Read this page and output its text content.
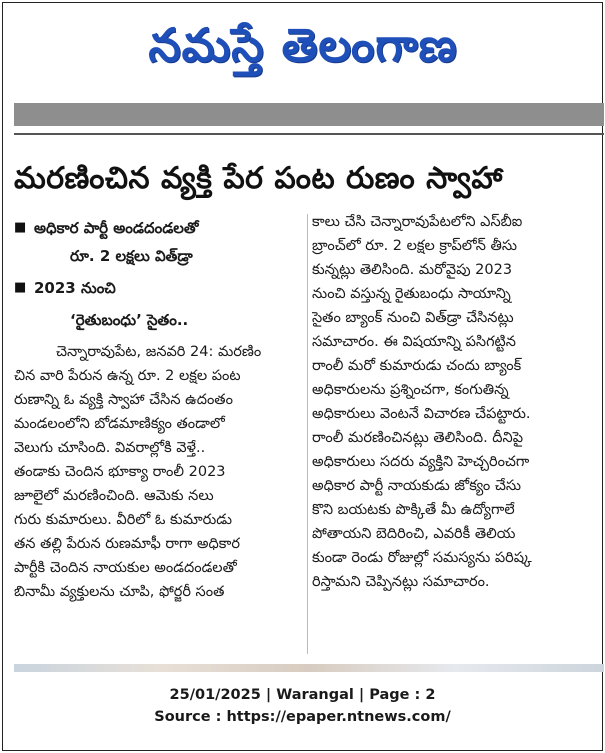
నమస్తే తెలంగాణ
మరణించిన వ్యక్తి పేర పంట రుణం స్వాహా
■ అధికార పార్టీ అండదండలతో
రూ. 2 లక్షలు విత్‌డ్రా
■ 2023 నుంచి
‘రైతుబంధు’ సైతం..
చెన్నారావుపేట, జనవరి 24: మరణిం
చిన వారి పేరున ఉన్న రూ. 2 లక్షల పంట
రుణాన్ని ఓ వ్యక్తి స్వాహా చేసిన ఉదంతం
మండలంలోని బోడమాణిక్యం తండాలో
వెలుగు చూసింది. వివరాల్లోకి వెళ్తే..
తండాకు చెందిన భూక్యా రాంలీ 2023
జూలైలో మరణించింది. ఆమెకు నలు
గురు కుమారులు. వీరిలో ఓ కుమారుడు
తన తల్లి పేరున రుణమాఫీ రాగా అధికార
పార్టీకి చెందిన నాయకుల అండదండలతో
బినామీ వ్యక్తులను చూపి, ఫోర్జరీ సంత
కాలు చేసి చెన్నారావుపేటలోని ఎస్‌బీఐ
బ్రాంచ్‌లో రూ. 2 లక్షల క్రాప్‌లోన్ తీసు
కున్నట్లు తెలిసింది. మరోవైపు 2023
నుంచి వస్తున్న రైతుబంధు సాయాన్ని
సైతం బ్యాంక్ నుంచి విత్‌డ్రా చేసినట్లు
సమాచారం. ఈ విషయాన్ని పసిగట్టిన
రాంలీ మరో కుమారుడు చందు బ్యాంక్
అధికారులను ప్రశ్నించగా, కంగుతిన్న
అధికారులు వెంటనే విచారణ చేపట్టారు.
రాంలీ మరణించినట్లు తెలిసింది. దీనిపై
అధికారులు సదరు వ్యక్తిని హెచ్చరించగా
అధికార పార్టీ నాయకుడు జోక్యం చేసు
కొని బయటకు పొక్కితే మీ ఉద్యోగాలే
పోతాయని బెదిరించి, ఎవరికీ తెలియ
కుండా రెండు రోజుల్లో సమస్యను పరిష్క
రిస్తామని చెప్పినట్లు సమాచారం.
25/01/2025 | Warangal | Page : 2
Source : https://epaper.ntnews.com/
